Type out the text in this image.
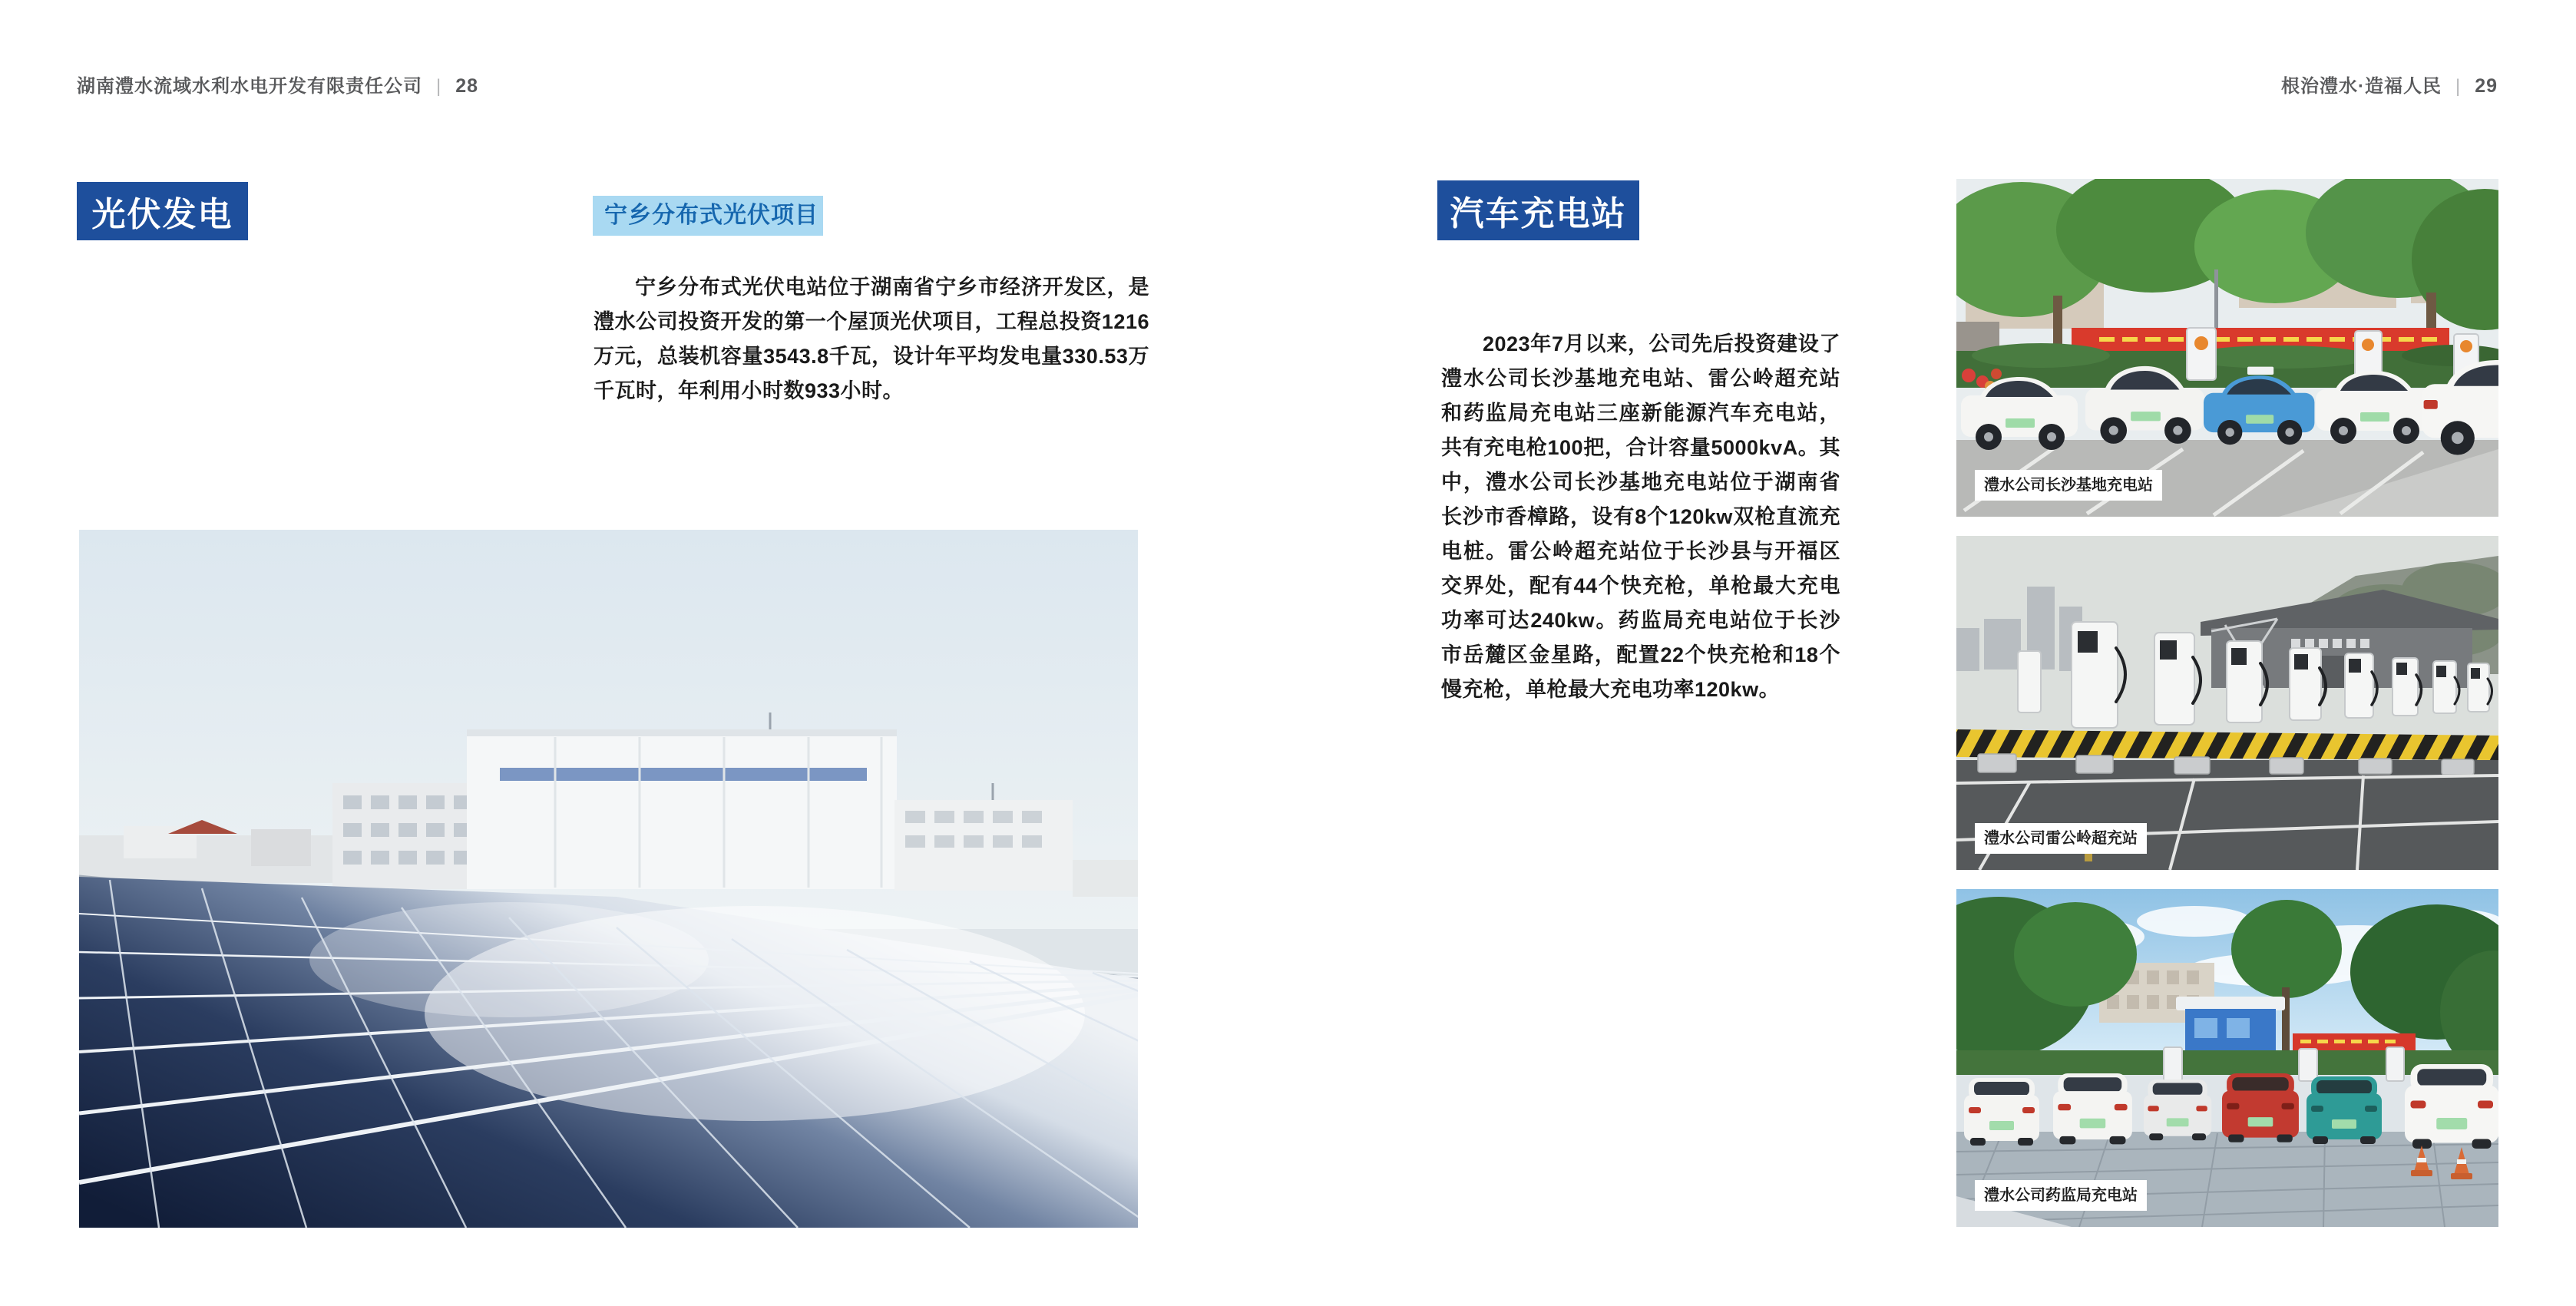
湖南澧水流域水利水电开发有限责任公司 | 28	根治澧水·造福人民 | 29
光伏发电	宁乡分布式光伏项目

宁乡分布式光伏电站位于湖南省宁乡市经济开发区，是澧水公司投资开发的第一个屋顶光伏项目，工程总投资1216万元，总装机容量3543.8千瓦，设计年平均发电量330.53万千瓦时，年利用小时数933小时。

汽车充电站

2023年7月以来，公司先后投资建设了澧水公司长沙基地充电站、雷公岭超充站和药监局充电站三座新能源汽车充电站，共有充电枪100把，合计容量5000kvA。其中，澧水公司长沙基地充电站位于湖南省长沙市香樟路，设有8个120kw双枪直流充电桩。雷公岭超充站位于长沙县与开福区交界处，配有44个快充枪，单枪最大充电功率可达240kw。药监局充电站位于长沙市岳麓区金星路，配置22个快充枪和18个慢充枪，单枪最大充电功率120kw。

澧水公司长沙基地充电站
澧水公司雷公岭超充站
澧水公司药监局充电站
